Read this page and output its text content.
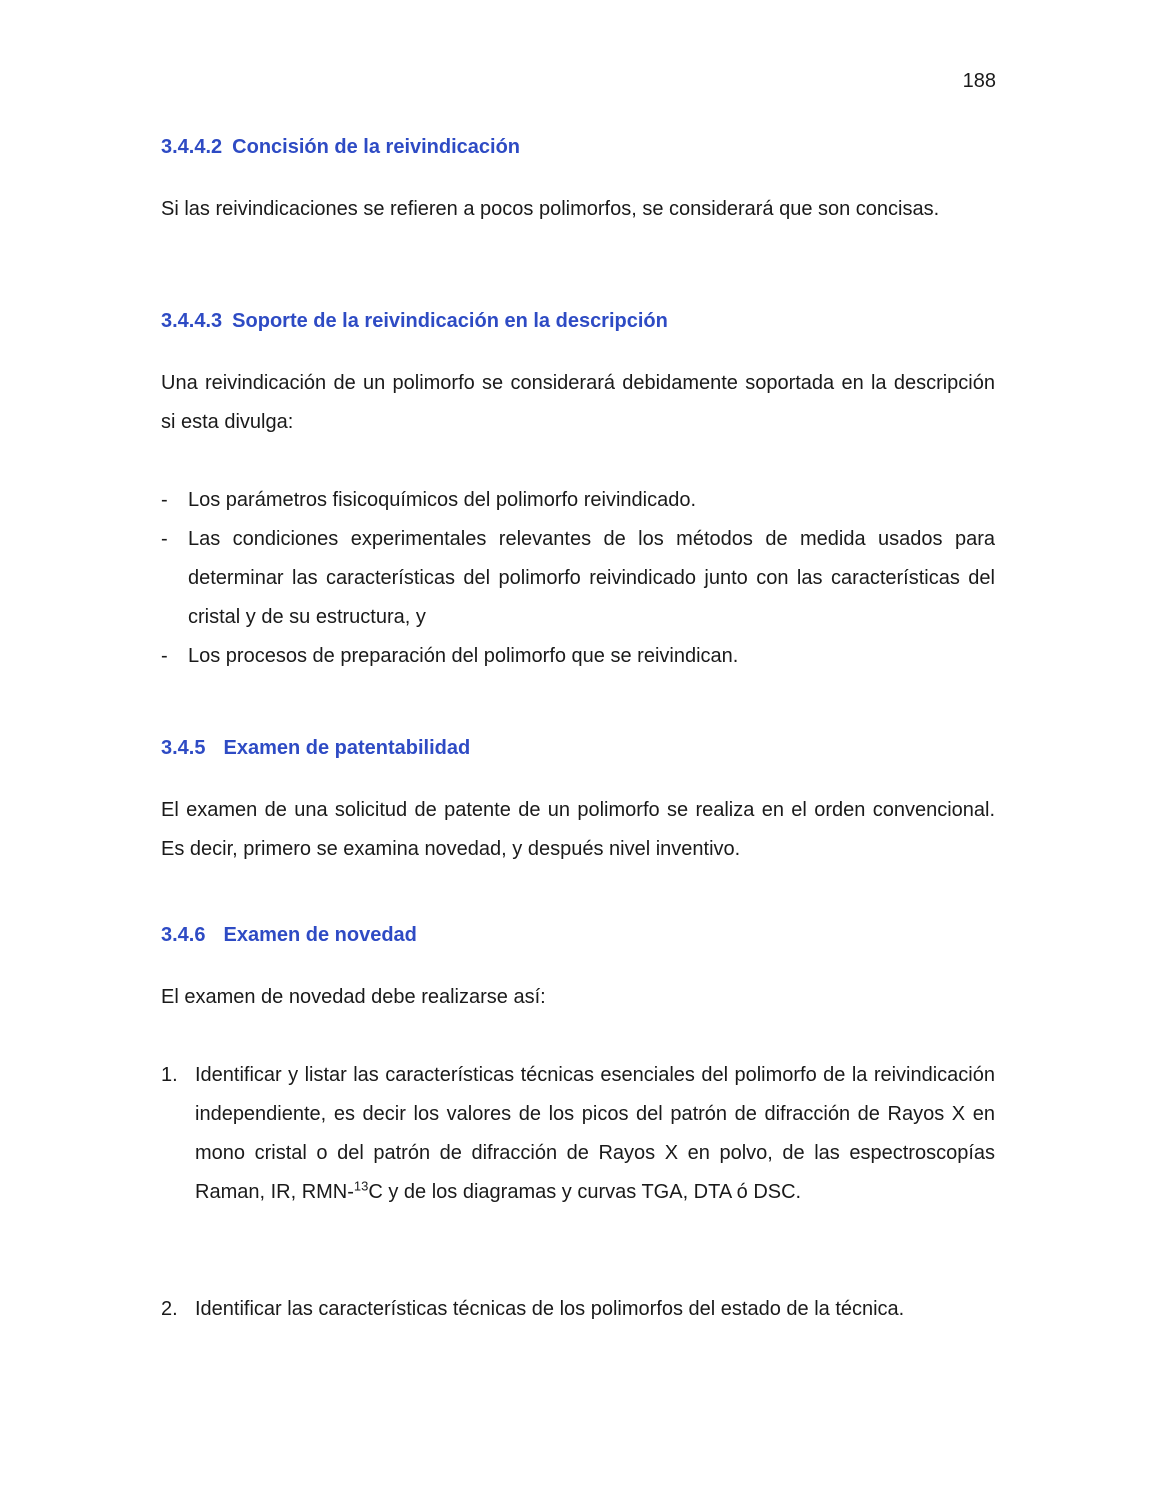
188
3.4.4.2 Concisión de la reivindicación

Si las reivindicaciones se refieren a pocos polimorfos, se considerará que son concisas.

3.4.4.3 Soporte de la reivindicación en la descripción

Una reivindicación de un polimorfo se considerará debidamente soportada en la descripción si esta divulga:

- Los parámetros fisicoquímicos del polimorfo reivindicado.
- Las condiciones experimentales relevantes de los métodos de medida usados para determinar las características del polimorfo reivindicado junto con las características del cristal y de su estructura, y
- Los procesos de preparación del polimorfo que se reivindican.
3.4.5 Examen de patentabilidad

El examen de una solicitud de patente de un polimorfo se realiza en el orden convencional. Es decir, primero se examina novedad, y después nivel inventivo.

3.4.6 Examen de novedad

El examen de novedad debe realizarse así:

1. Identificar y listar las características técnicas esenciales del polimorfo de la reivindicación independiente, es decir los valores de los picos del patrón de difracción de Rayos X en mono cristal o del patrón de difracción de Rayos X en polvo, de las espectroscopías Raman, IR, RMN-$^{13}$C y de los diagramas y curvas TGA, DTA ó DSC.
2. Identificar las características técnicas de los polimorfos del estado de la técnica.
